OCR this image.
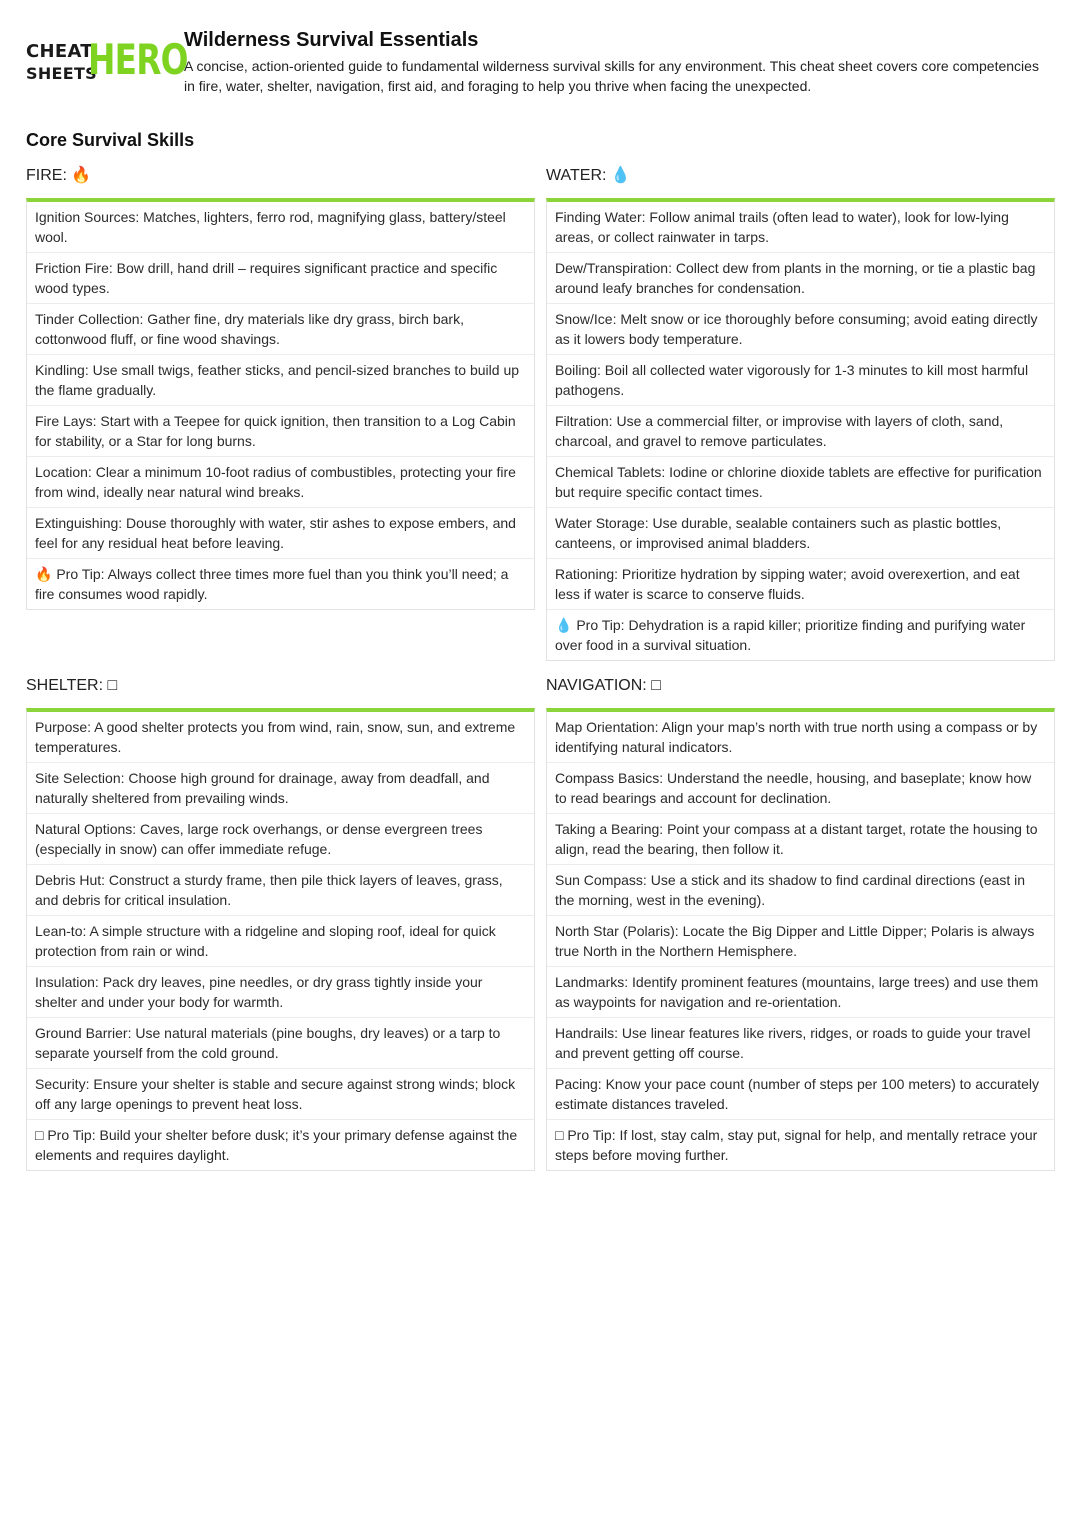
CHEAT
SHEETS
HERO
Wilderness Survival Essentials

A concise, action-oriented guide to fundamental wilderness survival skills for any environment. This cheat sheet covers core competencies in fire, water, shelter, navigation, first aid, and foraging to help you thrive when facing the unexpected.

Core Survival Skills
FIRE: 🔥
Ignition Sources: Matches, lighters, ferro rod, magnifying glass, battery/steel wool.
Friction Fire: Bow drill, hand drill – requires significant practice and specific wood types.
Tinder Collection: Gather fine, dry materials like dry grass, birch bark, cottonwood fluff, or fine wood shavings.
Kindling: Use small twigs, feather sticks, and pencil-sized branches to build up the flame gradually.
Fire Lays: Start with a Teepee for quick ignition, then transition to a Log Cabin for stability, or a Star for long burns.
Location: Clear a minimum 10-foot radius of combustibles, protecting your fire from wind, ideally near natural wind breaks.
Extinguishing: Douse thoroughly with water, stir ashes to expose embers, and feel for any residual heat before leaving.
🔥 Pro Tip: Always collect three times more fuel than you think you’ll need; a fire consumes wood rapidly.
WATER: 💧
Finding Water: Follow animal trails (often lead to water), look for low-lying areas, or collect rainwater in tarps.
Dew/Transpiration: Collect dew from plants in the morning, or tie a plastic bag around leafy branches for condensation.
Snow/Ice: Melt snow or ice thoroughly before consuming; avoid eating directly as it lowers body temperature.
Boiling: Boil all collected water vigorously for 1-3 minutes to kill most harmful pathogens.
Filtration: Use a commercial filter, or improvise with layers of cloth, sand, charcoal, and gravel to remove particulates.
Chemical Tablets: Iodine or chlorine dioxide tablets are effective for purification but require specific contact times.
Water Storage: Use durable, sealable containers such as plastic bottles, canteens, or improvised animal bladders.
Rationing: Prioritize hydration by sipping water; avoid overexertion, and eat less if water is scarce to conserve fluids.
💧 Pro Tip: Dehydration is a rapid killer; prioritize finding and purifying water over food in a survival situation.
SHELTER: □
Purpose: A good shelter protects you from wind, rain, snow, sun, and extreme temperatures.
Site Selection: Choose high ground for drainage, away from deadfall, and naturally sheltered from prevailing winds.
Natural Options: Caves, large rock overhangs, or dense evergreen trees (especially in snow) can offer immediate refuge.
Debris Hut: Construct a sturdy frame, then pile thick layers of leaves, grass, and debris for critical insulation.
Lean-to: A simple structure with a ridgeline and sloping roof, ideal for quick protection from rain or wind.
Insulation: Pack dry leaves, pine needles, or dry grass tightly inside your shelter and under your body for warmth.
Ground Barrier: Use natural materials (pine boughs, dry leaves) or a tarp to separate yourself from the cold ground.
Security: Ensure your shelter is stable and secure against strong winds; block off any large openings to prevent heat loss.
□ Pro Tip: Build your shelter before dusk; it’s your primary defense against the elements and requires daylight.
NAVIGATION: □
Map Orientation: Align your map’s north with true north using a compass or by identifying natural indicators.
Compass Basics: Understand the needle, housing, and baseplate; know how to read bearings and account for declination.
Taking a Bearing: Point your compass at a distant target, rotate the housing to align, read the bearing, then follow it.
Sun Compass: Use a stick and its shadow to find cardinal directions (east in the morning, west in the evening).
North Star (Polaris): Locate the Big Dipper and Little Dipper; Polaris is always true North in the Northern Hemisphere.
Landmarks: Identify prominent features (mountains, large trees) and use them as waypoints for navigation and re-orientation.
Handrails: Use linear features like rivers, ridges, or roads to guide your travel and prevent getting off course.
Pacing: Know your pace count (number of steps per 100 meters) to accurately estimate distances traveled.
□ Pro Tip: If lost, stay calm, stay put, signal for help, and mentally retrace your steps before moving further.
